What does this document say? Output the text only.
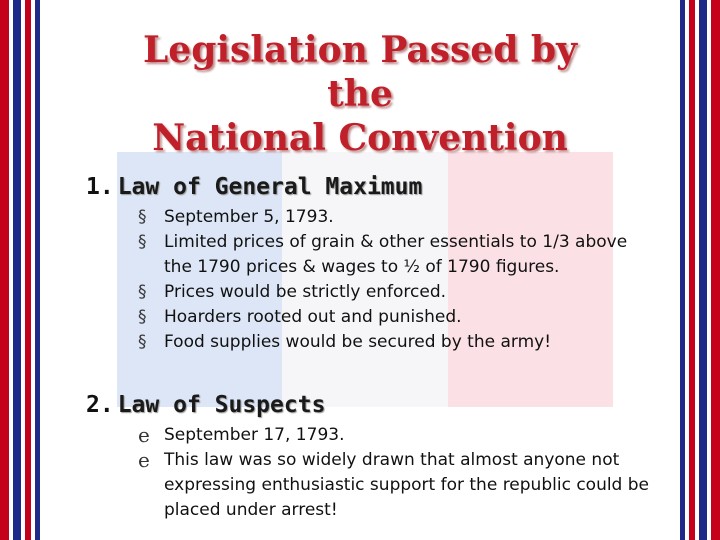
Legislation Passed by
the
National Convention
1. Law of General Maximum
§ September 5, 1793.
§ Limited prices of grain & other essentials to 1/3 above the 1790 prices & wages to ½ of 1790 figures.
§ Prices would be strictly enforced.
§ Hoarders rooted out and punished.
§ Food supplies would be secured by the army!
2. Law of Suspects
e September 17, 1793.
e This law was so widely drawn that almost anyone not expressing enthusiastic support for the republic could be placed under arrest!
